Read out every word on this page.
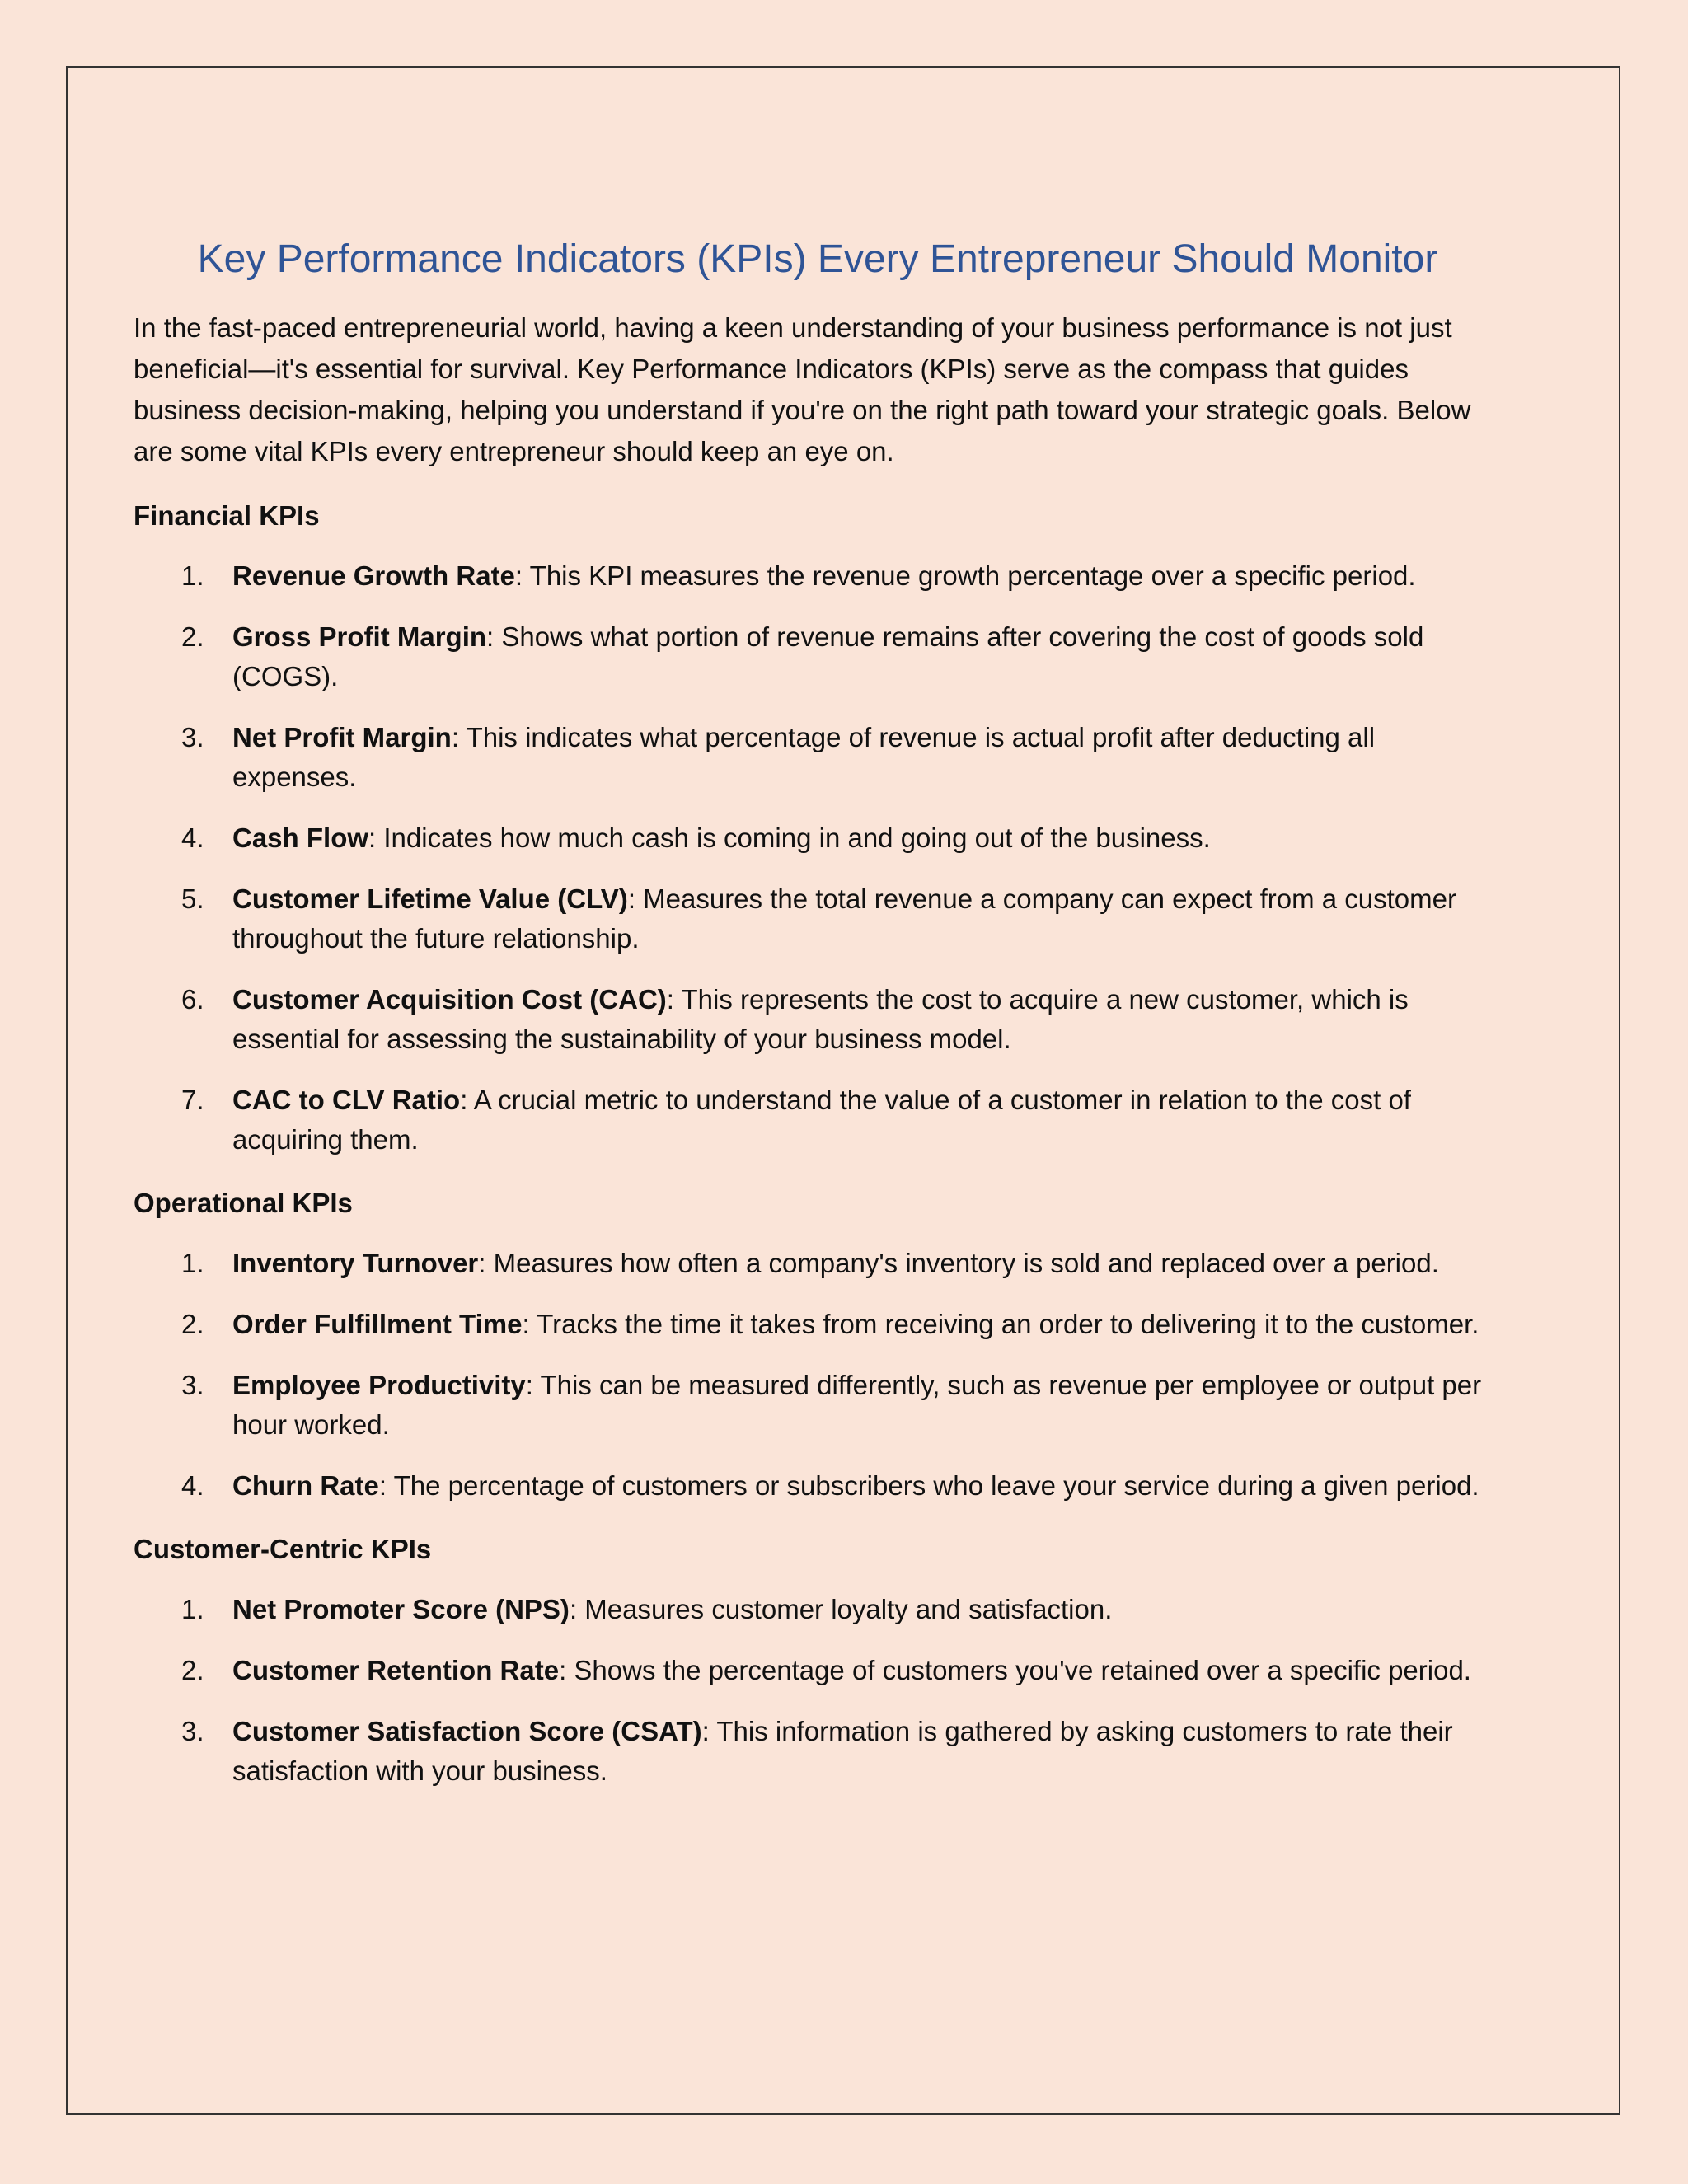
Key Performance Indicators (KPIs) Every Entrepreneur Should Monitor

In the fast-paced entrepreneurial world, having a keen understanding of your business performance is not just beneficial—it's essential for survival. Key Performance Indicators (KPIs) serve as the compass that guides business decision-making, helping you understand if you're on the right path toward your strategic goals. Below are some vital KPIs every entrepreneur should keep an eye on.

Financial KPIs
1. Revenue Growth Rate: This KPI measures the revenue growth percentage over a specific period.
2. Gross Profit Margin: Shows what portion of revenue remains after covering the cost of goods sold (COGS).
3. Net Profit Margin: This indicates what percentage of revenue is actual profit after deducting all expenses.
4. Cash Flow: Indicates how much cash is coming in and going out of the business.
5. Customer Lifetime Value (CLV): Measures the total revenue a company can expect from a customer throughout the future relationship.
6. Customer Acquisition Cost (CAC): This represents the cost to acquire a new customer, which is essential for assessing the sustainability of your business model.
7. CAC to CLV Ratio: A crucial metric to understand the value of a customer in relation to the cost of acquiring them.
Operational KPIs
1. Inventory Turnover: Measures how often a company's inventory is sold and replaced over a period.
2. Order Fulfillment Time: Tracks the time it takes from receiving an order to delivering it to the customer.
3. Employee Productivity: This can be measured differently, such as revenue per employee or output per hour worked.
4. Churn Rate: The percentage of customers or subscribers who leave your service during a given period.
Customer-Centric KPIs
1. Net Promoter Score (NPS): Measures customer loyalty and satisfaction.
2. Customer Retention Rate: Shows the percentage of customers you've retained over a specific period.
3. Customer Satisfaction Score (CSAT): This information is gathered by asking customers to rate their satisfaction with your business.
